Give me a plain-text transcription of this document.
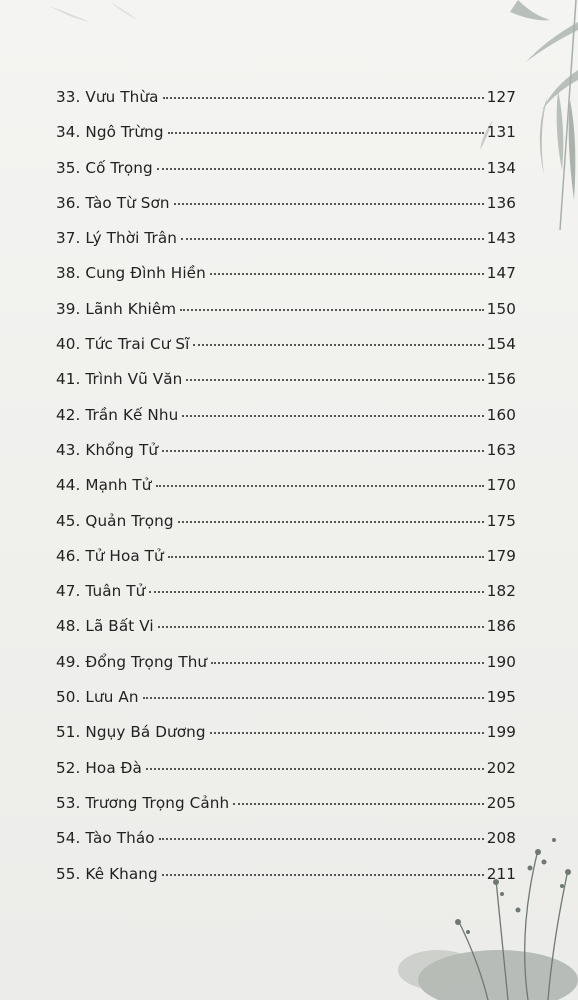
33. Vưu Thừa	127
34. Ngô Trừng	131
35. Cố Trọng	134
36. Tào Từ Sơn	136
37. Lý Thời Trân	143
38. Cung Đình Hiền	147
39. Lãnh Khiêm	150
40. Tức Trai Cư Sĩ	154
41. Trình Vũ Văn	156
42. Trần Kế Nhu	160
43. Khổng Tử	163
44. Mạnh Tử	170
45. Quản Trọng	175
46. Tử Hoa Tử	179
47. Tuân Tử	182
48. Lã Bất Vi	186
49. Đổng Trọng Thư	190
50. Lưu An	195
51. Ngụy Bá Dương	199
52. Hoa Đà	202
53. Trương Trọng Cảnh	205
54. Tào Tháo	208
55. Kê Khang	211
